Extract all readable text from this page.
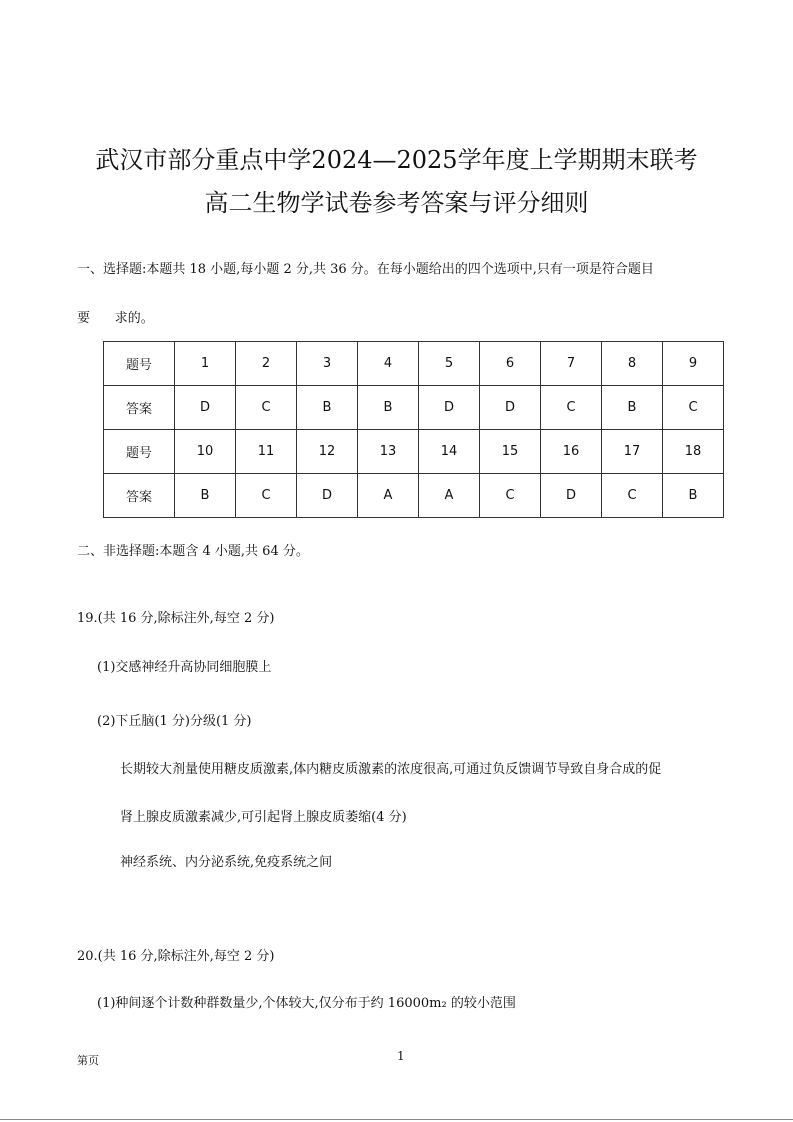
武汉市部分重点中学2024—2025学年度上学期期末联考
高二生物学试卷参考答案与评分细则
一、选择题:本题共 18 小题,每小题 2 分,共 36 分。在每小题给出的四个选项中,只有一项是符合题目
要      求的。
题号	1	2	3	4	5	6	7	8	9
答案	D	C	B	B	D	D	C	B	C
题号	10	11	12	13	14	15	16	17	18
答案	B	C	D	A	A	C	D	C	B
二、非选择题:本题含 4 小题,共 64 分。
19.(共 16 分,除标注外,每空 2 分)
(1)交感神经升高协同细胞膜上
(2)下丘脑(1 分)分级(1 分)
长期较大剂量使用糖皮质激素,体内糖皮质激素的浓度很高,可通过负反馈调节导致自身合成的促
肾上腺皮质激素减少,可引起肾上腺皮质萎缩(4 分)
神经系统、内分泌系统,免疫系统之间
20.(共 16 分,除标注外,每空 2 分)
(1)种间逐个计数种群数量少,个体较大,仅分布于约 16000m₂ 的较小范围
第页	1
